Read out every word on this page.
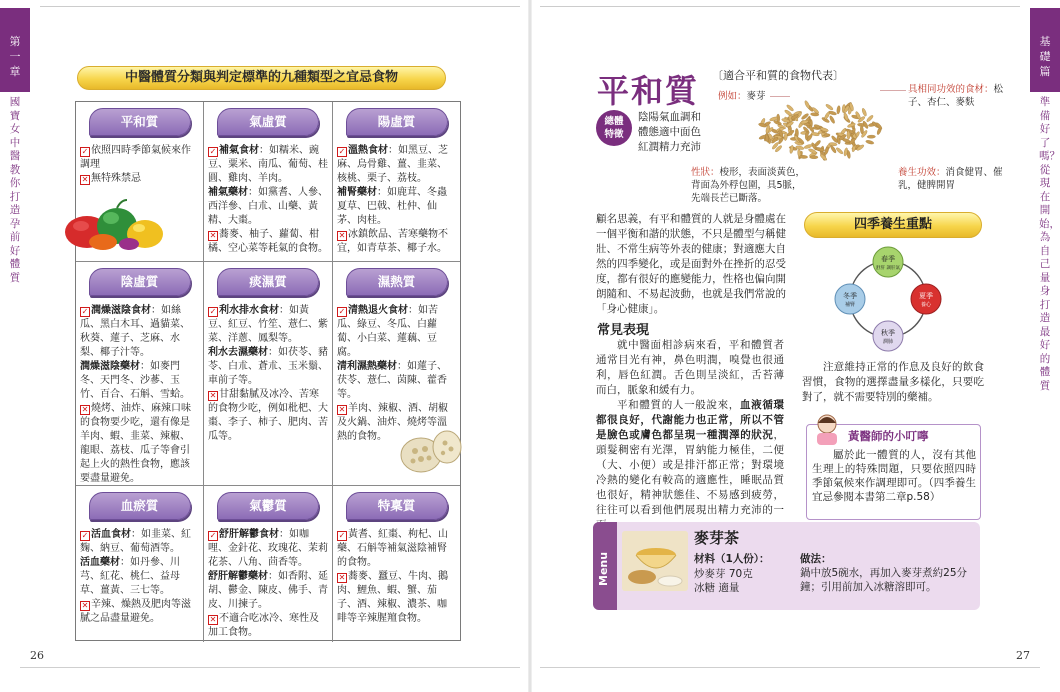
第一章
國寶女中醫 教你打造孕前好體質
基礎篇
準備好了嗎？從現在開始，為自己量身打造最好的體質
中醫體質分類與判定標準的九種類型之宜忌食物
平和質

✓ 依照四時季節氣候來作調理

✕ 無特殊禁忌

氣虛質

✓ 補氣食材：如糯米、豌豆、粟米、南瓜、葡萄、桂圓、雞肉、羊肉。

補氣藥材：如黨耆、人參、西洋參、白朮、山藥、黃精、大棗。

✕ 蕎麥、柚子、蘿蔔、柑橘、空心菜等耗氣的食物。

陽虛質

✓ 溫熱食材：如黑豆、芝麻、烏骨雞、薑、韭菜、核桃、栗子、荔枝。

補腎藥材：如鹿茸、冬蟲夏草、巴戟、杜仲、仙茅、肉桂。

✕ 冰鎮飲品、苦寒藥物不宜，如青草茶、椰子水。

陰虛質

✓ 潤燥滋陰食材：如絲瓜、黑白木耳、過貓菜、秋葵、蓮子、芝麻、水梨、椰子汁等。

潤燥滋陰藥材：如麥門冬、天門冬、沙蔘、玉竹、百合、石斛、雪蛤。

✕ 燒烤、油炸、麻辣口味的食物要少吃，還有像是羊肉、蝦、韭菜、辣椒、龍眼、荔枝、瓜子等會引起上火的熱性食物，應該要盡量避免。

痰濕質

✓ 利水排水食材：如黃豆、紅豆、竹笙、薏仁、紫菜、洋蔥、鳳梨等。

利水去濕藥材：如茯苓、豬苓、白朮、蒼朮、玉米鬚、車前子等。

✕ 甘甜黏膩及冰冷、苦寒的食物少吃，例如枇杷、大棗、李子、柿子、肥肉、苦瓜等。

濕熱質

✓ 清熱退火食材：如苦瓜、綠豆、冬瓜、白蘿蔔、小白菜、蓮藕、豆腐。

清利濕熱藥材：如蓮子、茯苓、薏仁、茵陳、藿香等。

✕ 羊肉、辣椒、酒、胡椒及火鍋、油炸、燒烤等溫熱的食物。

血瘀質

✓ 活血食材：如韭菜、紅麴、納豆、葡萄酒等。

活血藥材：如丹參、川芎、紅花、桃仁、益母草、薑黃、三七等。

✕ 辛辣、燥熱及肥肉等滋膩之品盡量避免。

氣鬱質

✓ 舒肝解鬱食材：如咖哩、金針花、玫瑰花、茉莉花茶、八角、茴香等。

舒肝解鬱藥材：如香附、延胡、鬱金、陳皮、佛手、青皮、川揀子。

✕ 不適合吃冰冷、寒性及加工食物。

特稟質

✓ 黃耆、紅棗、枸杞、山藥、石斛等補氣滋陰補腎的食物。

✕ 蕎麥、蠶豆、牛肉、鵝肉、鯉魚、蝦、蟹、茄子、酒、辣椒、濃茶、咖啡等辛辣腥羶食物。

26	27
平和質 〔適合平和質的食物代表〕
總體特徵
陰陽氣血調和體態適中面色紅潤精力充沛
例如：麥芽
具相同功效的食材：松子、杏仁、麥麩
性狀：梭形，表面淡黃色，背面為外稃包圍，具5脈，先端長芒已斷落。
養生功效：消食健胃、催乳，健脾開胃
顧名思義，有平和體質的人就是身體處在一個平衡和諧的狀態，不只是體型勻稱健壯、不常生病等外表的健康；對適應大自然的四季變化，或是面對外在挫折的忍受度，都有很好的應變能力，性格也偏向開朗隨和、不易起波動，也就是我們常說的「身心健康」。
常見表現
就中醫面相診病來看，平和體質者通常目光有神，鼻色明潤，嗅覺也很通利，唇色紅潤。舌色則呈淡紅，舌苔薄而白，脈象和緩有力。
平和體質的人一般說來，血液循環都很良好，代謝能力也正常，所以不管是臉色或膚色都呈現一種潤澤的狀況，頭髮稠密有光澤，胃納能力極佳，二便（大、小便）或是排汗都正常；對環境冷熱的變化有較高的適應性，睡眠品質也很好，精神狀態佳、不易感到疲勞，往往可以看到他們展現出精力充沛的一
四季養生重點
春季
舒肝 調肝氣
夏季
養心
秋季
潤肺
冬季
補腎
注意維持正常的作息及良好的飲食習慣，食物的選擇盡量多樣化，只要吃對了，就不需要特別的藥補。
黃醫師的小叮嚀
屬於此一體質的人，沒有其他生理上的特殊問題，只要依照四時季節氣候來作調理即可。（四季養生宜忌參閱本書第二章p.58）
Menu
麥芽茶
材料（1人份）：
炒麥芽 70克
冰糖 適量
做法：
鍋中放5碗水，再加入麥芽煮約25分鐘；引用前加入冰糖溶即可。
